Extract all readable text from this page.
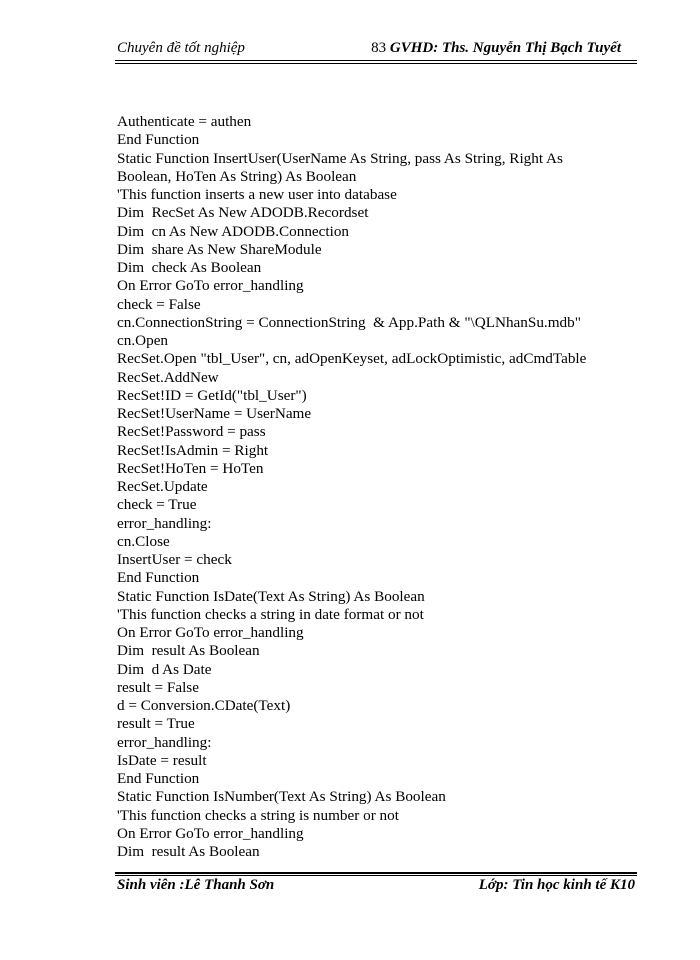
Chuyên đề tốt nghiệp	83 GVHD: Ths. Nguyễn Thị Bạch Tuyết
Authenticate = authen
End Function
Static Function InsertUser(UserName As String, pass As String, Right As
Boolean, HoTen As String) As Boolean
'This function inserts a new user into database
Dim  RecSet As New ADODB.Recordset
Dim  cn As New ADODB.Connection
Dim  share As New ShareModule
Dim  check As Boolean
On Error GoTo error_handling
check = False
cn.ConnectionString = ConnectionString  & App.Path & "\QLNhanSu.mdb"
cn.Open
RecSet.Open "tbl_User", cn, adOpenKeyset, adLockOptimistic, adCmdTable
RecSet.AddNew
RecSet!ID = GetId("tbl_User")
RecSet!UserName = UserName
RecSet!Password = pass
RecSet!IsAdmin = Right
RecSet!HoTen = HoTen
RecSet.Update
check = True
error_handling:
cn.Close
InsertUser = check
End Function
Static Function IsDate(Text As String) As Boolean
'This function checks a string in date format or not
On Error GoTo error_handling
Dim  result As Boolean
Dim  d As Date
result = False
d = Conversion.CDate(Text)
result = True
error_handling:
IsDate = result
End Function
Static Function IsNumber(Text As String) As Boolean
'This function checks a string is number or not
On Error GoTo error_handling
Dim  result As Boolean
Sinh viên :Lê Thanh Sơn	Lớp: Tin học kinh tế K10
